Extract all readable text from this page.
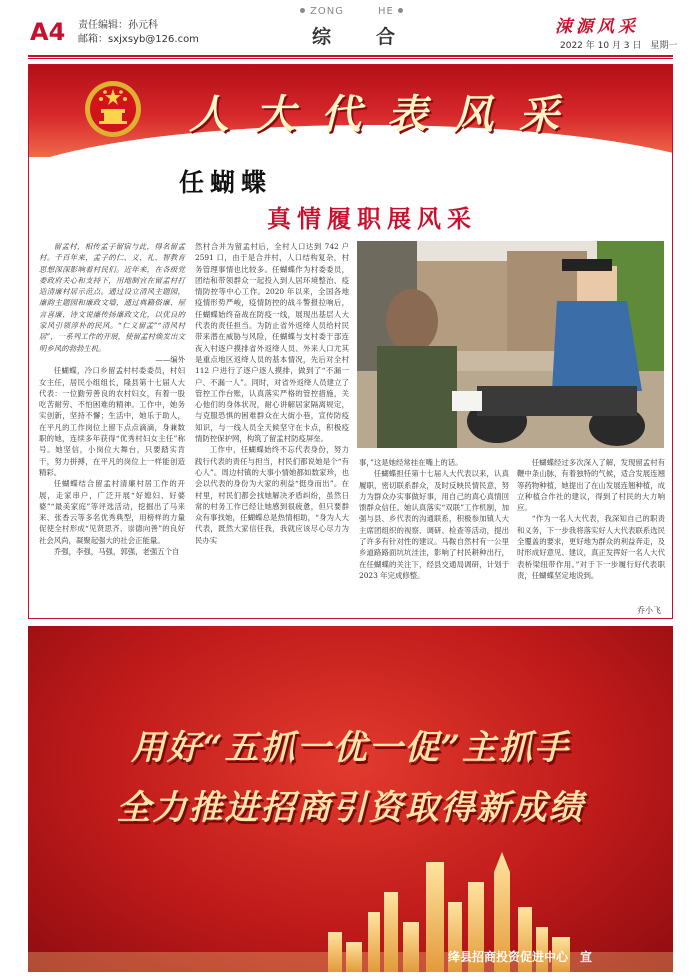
A4 责任编辑：孙元科
邮箱：sxjxsyb@126.com
ZONG	HE
综 合	涑源风采
2022 年 10 月 3 日　星期一
人大代表风采
任蝴蝶
真情履职展风采

留孟村，相传孟子留宿与此，得名留孟村。千百年来，孟子的仁、义、礼、智教育思想深深影响着村民们。近年来，在各级党委政府关心和支持下，用地制宜在留孟村打造清廉村居示范点。通过设立清风主题园，廉韵主题园和廉政文墙，通过典籍俗廉、屋言喜廉、诗文说廉传扬廉政文化，以优良的家风引领淳朴的民风。“仁义留孟”“清风村居”，一系列工作的开展，使留孟村焕发出文明乡风的勃勃生机。

——编外

任蝴蝶，冷口乡留孟村村委委员，村妇女主任，居民小组组长，隆县第十七届人大代表：一位勤劳善良的农村妇女，有着一股吃苦耐劳、不怕困难的精神。工作中，她务实创新，坚持不懈；生活中，她乐于助人，在平凡的工作岗位上留下点点滴滴，身兼数职的她，连续多年获得“优秀村妇女主任”称号。她坚信，小岗位大舞台，只要踏实肯干，努力拼搏，在平凡的岗位上一样能创造精彩。

任蝴蝶结合留孟村清廉村居工作的开展，走家串户，广泛开展“好媳妇、好婆婆”“最美家庭”等评选活动，挖掘出了马来来、张香云等多名优秀典型，用榜样的力量促使全村形成“见贤思齐、崇德向善”的良好社会风尚，凝聚起强大的社会正能量。

乔强，李强，马强，郭强，老强五个自

然村合并为留孟村后，全村人口达到 742 户 2591 口，由于是合并村，人口结构复杂，村务管理事情也比较多。任蝴蝶作为村委委员，团结和带领群众一起投入到人居环境整治、疫情防控等中心工作。2020 年以来，全国各地疫情形势严峻，疫情防控的战斗警报拉响后，任蝴蝶始终奋战在防疫一线，展现出基层人大代表的责任担当。为防止省外返绛人员给村民带来潜在威胁与风险，任蝴蝶与支村委干部连夜入村逐户摸排省外返绛人员、外来人口尤其是重点地区返绛人员的基本情况，先后对全村 112 户进行了逐户逐人摸排，做到了“不漏一户、不漏一人”。同时，对省外返绛人员建立了管控工作台账，认真落实严格的管控措施，关心他们的身体状况，耐心讲解居家隔离规定，与克服恐惧的困难群众在大街小巷，宣传防疫知识，与一线人员全天候坚守在卡点，积极疫情防控保护网，构筑了留孟村防疫屏垒。

工作中，任蝴蝶始终不忘代表身份，努力践行代表的责任与担当，村民们都说她是个“有心人”。周边村镇的大事小情她都如数家珍，也会以代表的身份为大家的利益“挺身而出”。在村里，村民们都会找她解决矛盾纠纷，虽然日常的村务工作已经让她感到很疲惫，但只要群众有事找她，任蝴蝶总是热情相助，“身为人大代表，既然大家信任我，我就应该尽心尽力为民办实

事，”这是她经常挂在嘴上的话。

任蝴蝶担任第十七届人大代表以来，认真履职，密切联系群众，及时反映民情民意，努力为群众办实事做好事，用自己的真心真情回馈群众信任。她认真落实“双联”工作机制，加强与县、乡代表的沟通联系，积极参加镇人大主席团组织的视察、调研、检查等活动，提出了许多有针对性的建议。马鞍自然村有一公里乡道路路面坑坑洼洼，影响了村民耕种出行，在任蝴蝶的关注下，经县交通局调研，计划于 2023 年完成修整。

任蝴蝶经过多次深入了解，发现留孟村有鞭中条山脉，有着独特的气候，适合发展连翘等药物种植，她提出了在山发展连翘种植，成立种植合作社的建议，得到了村民的大力响应。

“作为一名人大代表，我深知自己的职责和义务，下一步我将落实好人大代表联系选民全覆盖的要求，更好地为群众的利益奔走，及时形成好意见、建议，真正发挥好一名人大代表桥梁纽带作用。”对于下一步履行好代表职责，任蝴蝶坚定地说到。

乔小飞
用好“五抓一优一促”主抓手
全力推进招商引资取得新成绩
绛县招商投资促进中心　宣
